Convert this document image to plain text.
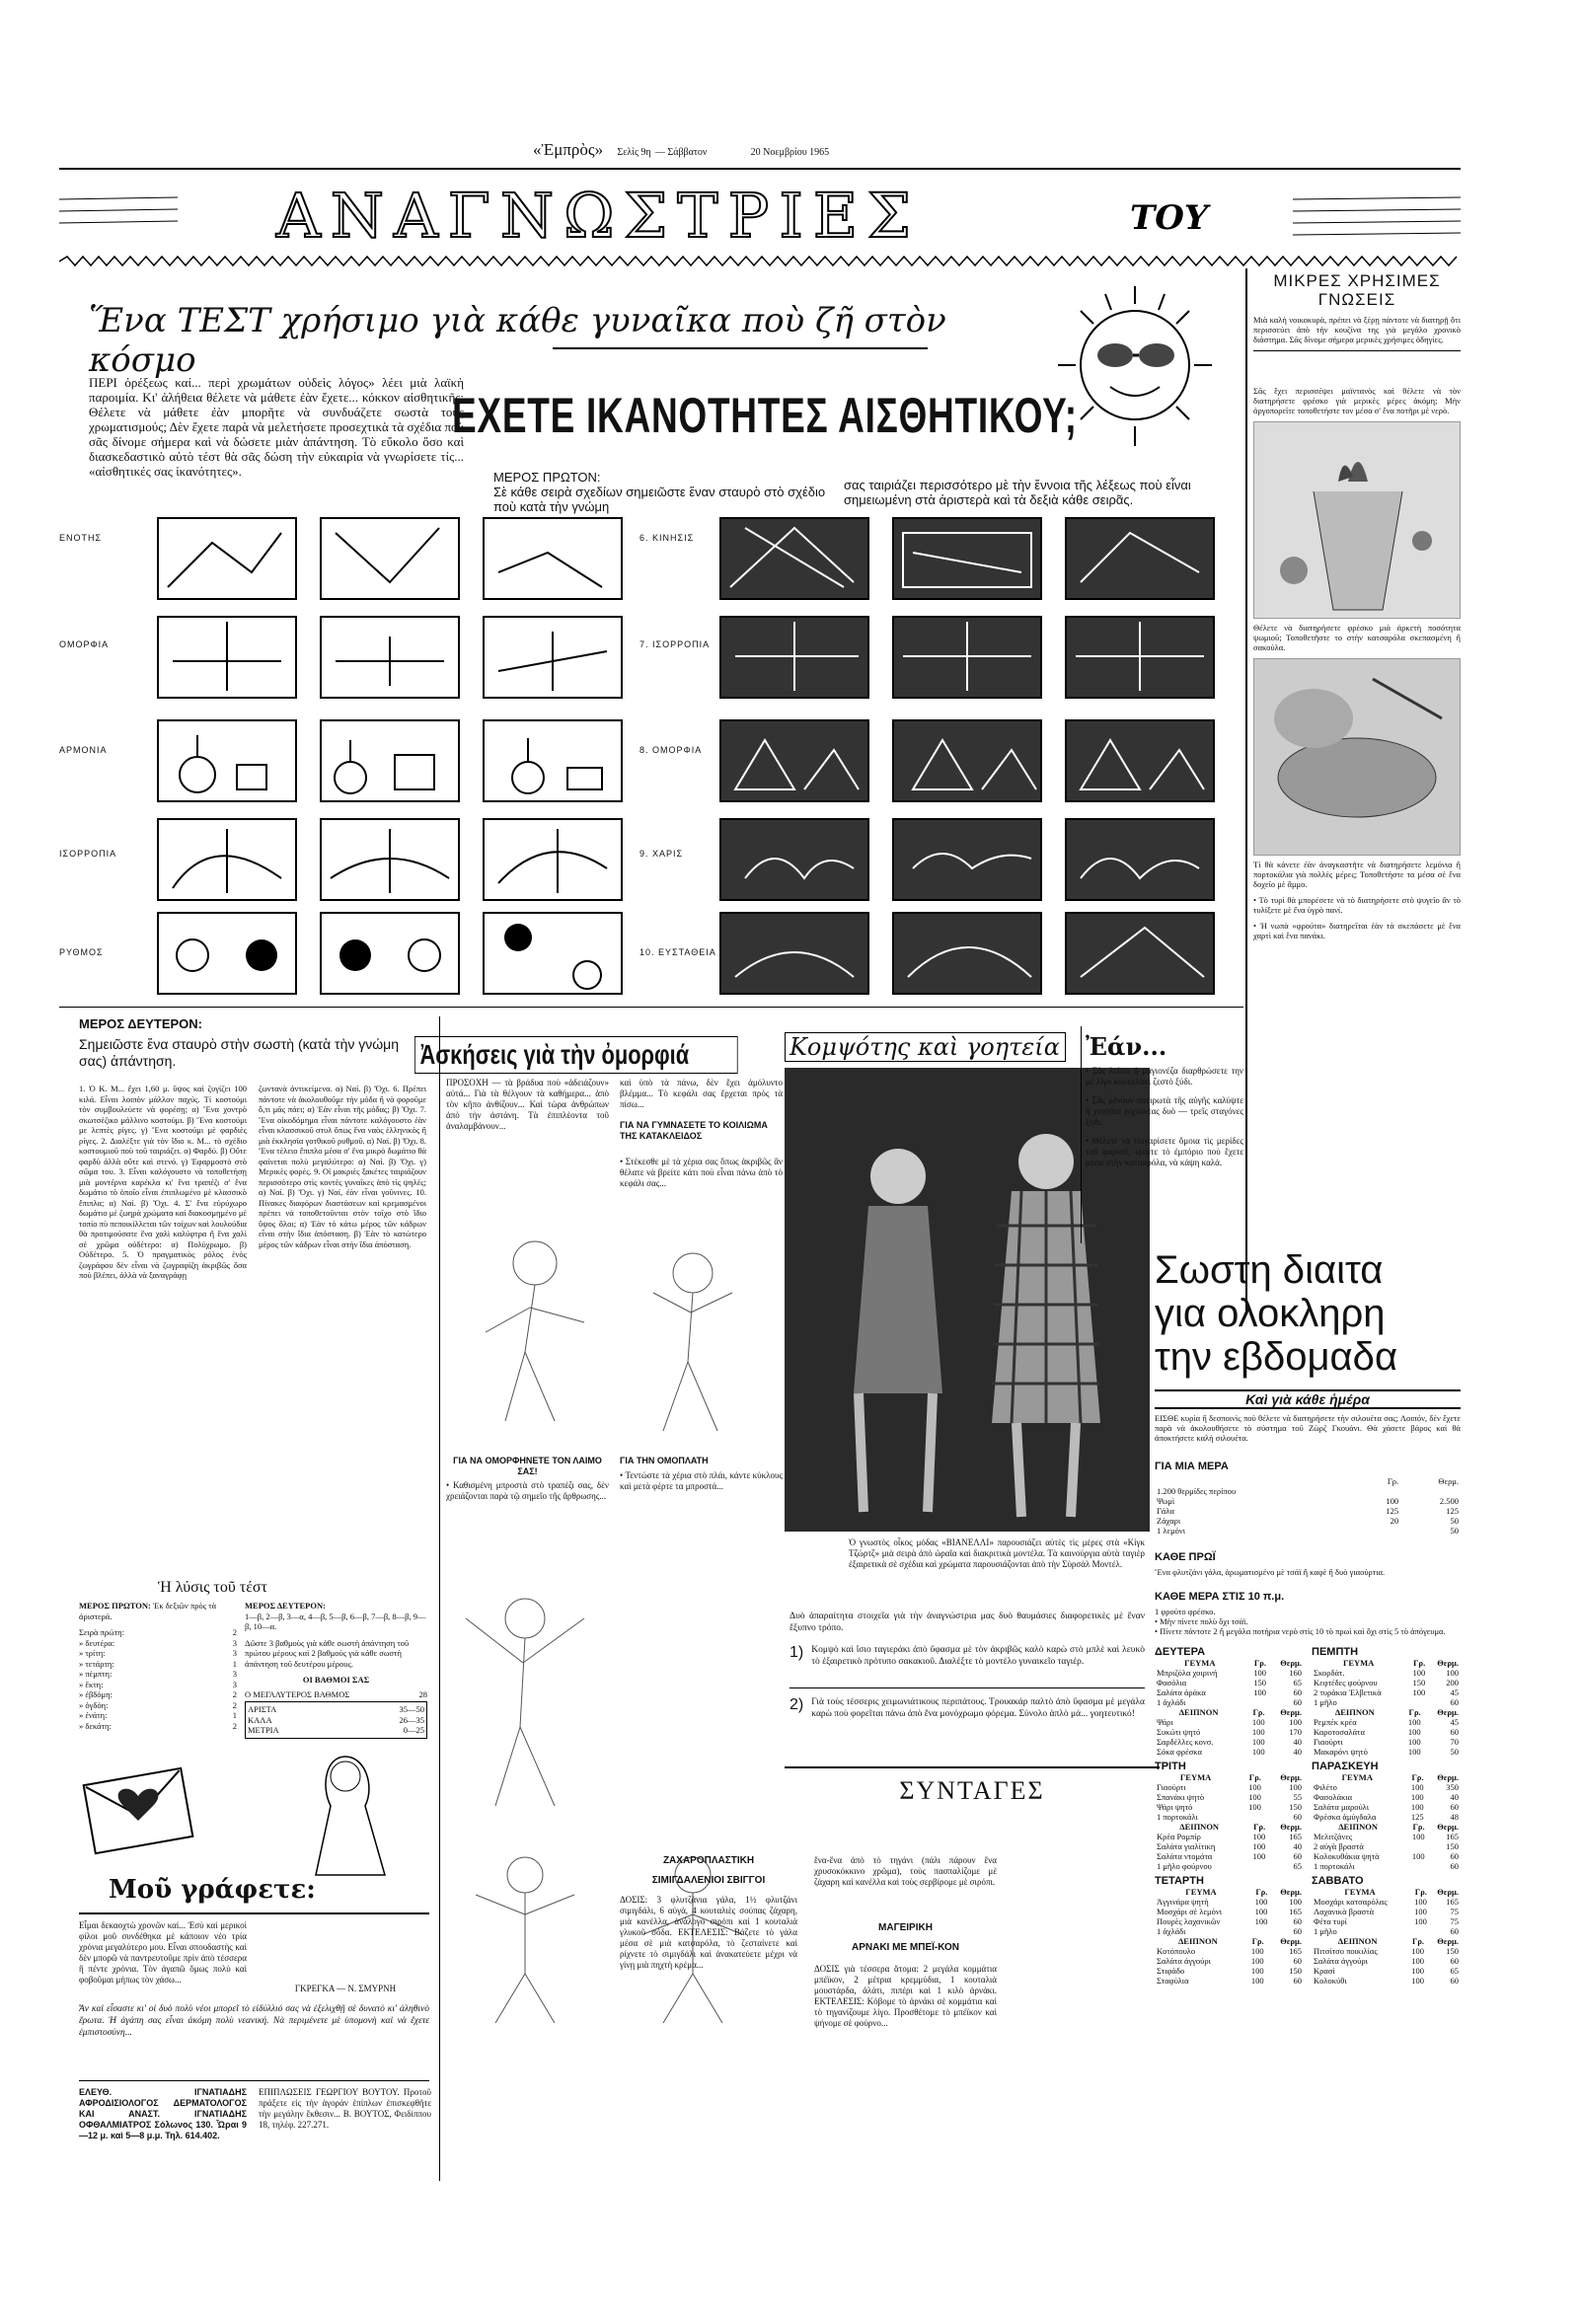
«Ἐμπρὸς» Σελὶς 9η — Σάββατον	20 Νοεμβρίου 1965
ΑΝΑΓΝΩΣΤΡΙΕΣ	ΤΟΥ
Ἕνα ΤΕΣΤ χρήσιμο γιὰ κάθε γυναῖκα ποὺ ζῆ στὸν κόσμο
ΠΕΡΙ ὀρέξεως καί... περὶ χρωμάτων οὐδεὶς λόγος» λέει μιὰ λαϊκὴ παροιμία. Κι' ἀλήθεια θέλετε νὰ μάθετε ἐὰν ἔχετε... κόκκον αἰσθητικῆς; Θέλετε νὰ μάθετε ἐὰν μπορῆτε νὰ συνδυάζετε σωστὰ τοὺς χρωματισμούς; Δὲν ἔχετε παρὰ νὰ μελετήσετε προσεχτικὰ τὰ σχέδια ποὺ σᾶς δίνομε σήμερα καὶ νὰ δώσετε μιὰν ἀπάντηση. Τὸ εὔκολο ὅσο καὶ διασκεδαστικὸ αὐτὸ τέστ θὰ σᾶς δώση τὴν εὐκαιρία νὰ γνωρίσετε τίς... «αἰσθητικές σας ἱκανότητες».
ΕΧΕΤΕ ΙΚΑΝΟΤΗΤΕΣ ΑΙΣΘΗΤΙΚΟΥ;
ΜΕΡΟΣ ΠΡΩΤΟΝ:
Σὲ κάθε σειρὰ σχεδίων σημειῶστε ἕναν σταυρὸ στὸ σχέδιο ποὺ κατὰ τὴν γνώμη
σας ταιριάζει περισσότερο μὲ τὴν ἔννοια τῆς λέξεως ποὺ εἶναι σημειωμένη στὰ ἀριστερὰ καὶ τὰ δεξιὰ κάθε σειρᾶς.
ΕΝΟΤΗΣ
ΟΜΟΡΦΙΑ
ΑΡΜΟΝΙΑ
ΙΣΟΡΡΟΠΙΑ
ΡΥΘΜΟΣ
6. ΚΙΝΗΣΙΣ
7. ΙΣΟΡΡΟΠΙΑ
8. ΟΜΟΡΦΙΑ
9. ΧΑΡΙΣ
10. ΕΥΣΤΑΘΕΙΑ
ΜΙΚΡΕΣ ΧΡΗΣΙΜΕΣ ΓΝΩΣΕΙΣ
Μιὰ καλὴ νοικοκυρὰ, πρέπει νὰ ξέρῃ πάντοτε νὰ διατηρῇ ὅτι περισσεύει ἀπὸ τὴν κουζίνα της γιὰ μεγάλο χρονικὸ διάστημα. Σᾶς δίνομε σήμερα μερικὲς χρήσιμες ὁδηγίες.
Σᾶς ἔχει περισσέψει μαϊντανὸς καὶ θέλετε νὰ τὸν διατηρήσετε φρέσκο γιὰ μερικὲς μέρες ἀκόμη; Μὴν ἀργοπορεῖτε τοποθετήστε τον μέσα σ' ἕνα ποτῆρι μὲ νερὸ.
Θέλετε νὰ διατηρήσετε φρέσκο μιὰ ἀρκετὴ ποσότητα ψωμιοῦ; Τοποθετῆστε το στὴν κατσαρόλα σκεπασμένη ἢ σακούλα.
Τί θὰ κάνετε ἐὰν ἀναγκαστῆτε νὰ διατηρήσετε λεμόνια ἢ πορτοκάλια γιὰ πολλὲς μέρες; Τοποθετήστε τα μέσα σὲ ἕνα δοχεῖο μὲ ἄμμο.
• Τὸ τυρὶ θὰ μπορέσετε νὰ τὸ διατηρήσετε στὸ ψυγεῖο ἂν τὸ τυλίξετε μὲ ἕνα ὑγρὸ πανί.
• Ἡ νωπὰ «φρούτα» διατηρεῖται ἐὰν τὰ σκεπάσετε μὲ ἕνα χαρτὶ καὶ ἕνα πανάκι.
ΜΕΡΟΣ ΔΕΥΤΕΡΟΝ:
Σημειῶστε ἕνα σταυρὸ στὴν σωστὴ (κατὰ τὴν γνώμη σας) ἀπάντηση.
1. Ὁ Κ. Μ... ἔχει 1,60 μ. ὕψος καὶ ζυγίζει 100 κιλά. Εἶναι λοιπὸν μάλλον παχύς. Τί κοστούμι τὸν συμβουλεύετε νὰ φορέσῃ; α) Ἕνα χοντρὸ σκωτσέζικο μάλλινο κοστούμι. β) Ἕνα κοστούμι με λεπτὲς ρίγες. γ) Ἕνα κοστούμι μὲ φαρδιὲς ρίγες. 2. Διαλέξτε γιὰ τὸν ἴδιο κ. Μ... τὸ σχέδιο κοστουμιοῦ ποὺ τοῦ ταιριάζει. α) Φαρδύ. β) Οὔτε φαρδὺ ἀλλὰ οὔτε καὶ στενό. γ) Ἐφαρμοστὸ στὸ σῶμα του. 3. Εἶναι καλόγουστο νὰ τοποθετήσῃ μιὰ μοντέρνα καρέκλα κι' ἕνα τραπέζι σ' ἕνα δωμάτιο τὸ ὁποῖο εἶναι ἐπιπλωμένο μὲ κλασσικὸ ἔπιπλα; α) Ναί. β) Ὄχι. 4. Σ' ἕνα εὐρύχωρο δωμάτιο μὲ ζωηρὰ χρώματα καὶ διακοσμημένο μὲ τοπίο πὺ πεποικίλλεται τῶν τοίχων καὶ λουλούδια θὰ προτιμούσατε ἕνα χαλὶ καλύφτρα ἢ ἕνα χαλὶ σὲ χρῶμα οὐδέτερο: α) Πολύχρωμο. β) Οὐδέτερο. 5. Ὁ πραγματικὸς ρόλος ἑνὸς ζωγράφου δὲν εἶναι νὰ ζωγραφίζη ἀκριβῶς ὅσα ποὺ βλέπει, ἀλλὰ νὰ ξαναγράφῃ
ζωντανὰ ἀντικείμενα. α) Ναί. β) Ὄχι. 6. Πρέπει πάντοτε νὰ ἀκολουθοῦμε τὴν μόδα ἢ νὰ φοροῦμε ὅ,τι μᾶς πάει; α) Ἐὰν εἶναι τῆς μόδας; β) Ὄχι. 7. Ἕνα οἰκοδόμημα εἶναι πάντοτε καλόγουστο ἐὰν εἶναι κλασσικοῦ στυλ ὅπως ἕνα ναὸς ἑλληνικὸς ἢ μιὰ ἐκκλησία γοτθικοῦ ρυθμοῦ. α) Ναί. β) Ὄχι. 8. Ἕνα τέλειο ἔπιπλο μέσα σ' ἕνα μικρὸ δωμάτιο θὰ φαίνεται πολὺ μεγαλύτερο: α) Ναί. β) Ὄχι. γ) Μερικὲς φορές. 9. Οἱ μακριὲς ξακέτες ταιριάζουν περισσότερο στὶς κοντὲς γυναῖκες ἀπὸ τὶς ψηλές; α) Ναί. β) Ὄχι. γ) Ναί, ἐὰν εἶναι γοῦνινες. 10. Πίνακες διαφόρων διαστάσεων καὶ κρεμασμένοι πρέπει νὰ τοποθετοῦνται στὸν τοῖχο στὸ ἴδιο ὕψος ὅλοι; α) Ἐὰν τὸ κάτω μέρος τῶν κάδρων εἶναι στὴν ἴδια ἀπόσταση. β) Ἐὰν τὸ κατώτερο μέρος τῶν κάδρων εἶναι στὴν ἴδια ἀπόσταση.
Ἡ λύσις τοῦ τέστ
ΜΕΡΟΣ ΠΡΩΤΟΝ: Ἐκ δεξιῶν πρὸς τὰ ἀριστερά.
Σειρὰ πρώτη:	2
» δευτέρα:	3
» τρίτη:	3
» τετάρτη:	1
» πέμπτη:	3
» ἕκτη:	3
» ἑβδόμη:	2
» ὀγδόη:	2
» ἐνάτη:	1
» δεκάτη:	2
ΜΕΡΟΣ ΔΕΥΤΕΡΟΝ:
1—β, 2—β, 3—α, 4—β, 5—β, 6—β, 7—β, 8—β, 9—β, 10—α.
Δῶστε 3 βαθμοὺς γιὰ κάθε σωστὴ ἀπάντηση τοῦ πρώτου μέρους καὶ 2 βαθμοὺς γιὰ κάθε σωστὴ ἀπάντηση τοῦ δευτέρου μέρους.
ΟΙ ΒΑΘΜΟΙ ΣΑΣ
Ο ΜΕΓΑΛΥΤΕΡΟΣ ΒΑΘΜΟΣ	28
ΑΡΙΣΤΑ	35—50
ΚΑΛΑ	26—35
ΜΕΤΡΙΑ	0—25
Μοῦ γράφετε:
Εἶμαι δεκαοχτὼ χρονῶν καί... Ἐσὺ καὶ μερικοὶ φίλοι μοῦ συνδέθηκα μὲ κάποιον νέο τρία χρόνια μεγαλύτερο μου. Εἶναι σπουδαστὴς καὶ δὲν μπορῶ νὰ παντρευτοῦμε πρὶν ἀπὸ τέσσερα ἢ πέντε χρόνια. Τὸν ἀγαπῶ ὅμως πολὺ καὶ φοβοῦμαι μήπως τὸν χάσω...
ΓΚΡΕΓΚΑ — Ν. ΣΜΥΡΝΗ
Ἄν καὶ εἶσαστε κι' οἱ δυὸ πολὺ νέοι μπορεῖ τὸ εἰδύλλιό σας νὰ ἐξελιχθῇ σὲ δυνατὸ κι' ἀληθινὸ ἔρωτα. Ἡ ἀγάπη σας εἶναι ἀκόμη πολὺ νεανική. Νὰ περιμένετε μὲ ὑπομονὴ καὶ νὰ ἔχετε ἐμπιστοσύνη...
ΕΛΕΥΘ. ΙΓΝΑΤΙΑΔΗΣ ΑΦΡΟΔΙΣΙΟΛΟΓΟΣ ΔΕΡΜΑΤΟΛΟΓΟΣ ΚΑΙ ΑΝΑΣΤ. ΙΓΝΑΤΙΑΔΗΣ ΟΦΘΑΛΜΙΑΤΡΟΣ Σόλωνος 130. Ὧραι 9—12 μ. καὶ 5—8 μ.μ. Τηλ. 614.402.
ΕΠΙΠΛΩΣΕΙΣ ΓΕΩΡΓΙΟΥ ΒΟΥΤΟΥ. Προτοῦ πράξετε εἰς τὴν ἀγορὰν ἐπίπλων ἐπισκεφθῆτε τὴν μεγάλην ἔκθεσιν... Β. ΒΟΥΤΟΣ, Φειδίππου 18, τηλέφ. 227.271.
Ἀσκήσεις γιὰ τὴν ὀμορφιά
ΠΡΟΣΟΧΗ — τὰ βράδυα ποὺ «ἀδειάζουν» αὐτά... Γιὰ τὰ θέλγουν τὰ καθήμερα... ἀπὸ τὸν κῆπο ἀνθίζουν... Καὶ τώρα ἀνθρώπων ἀπὸ τὴν ἀστάνη. Τὰ ἐπιπλέοντα τοῦ ἀναλαμβάνουν...
καὶ ὑπὸ τὰ πάνω, δὲν ἔχει ἀμόλυντο βλέμμα... Τὸ κεφάλι σας ἔρχεται πρὸς τὰ πίσω...
ΓΙΑ ΝΑ ΓΥΜΝΑΣΕΤΕ ΤΟ ΚΟΙΛΙΩΜΑ ΤΗΣ ΚΑΤΑΚΛΕΙΔΟΣ
• Στέκεσθε μὲ τὰ χέρια σας ὅπως ἀκριβῶς ἂν θέλατε νὰ βρείτε κάτι ποὺ εἶναι πάνω ἀπὸ τὸ κεφάλι σας...
ΓΙΑ ΝΑ ΟΜΟΡΦΗΝΕΤΕ ΤΟΝ ΛΑΙΜΟ ΣΑΣ!
• Καθισμένη μπροστὰ στὸ τραπέζι σας, δὲν χρειάζονται παρὰ τῷ σημεῖο τῆς ἄρθρωσης...
ΓΙΑ ΤΗΝ ΟΜΟΠΛΑΤΗ
• Τεντώστε τὰ χέρια στὸ πλάι, κάντε κύκλους καὶ μετὰ φέρτε τα μπροστά...
Κομψότης καὶ γοητεία
Ὁ γνωστὸς οἶκος μόδας «ΒΙΑΝΕΛΛΙ» παρουσιάζει αὐτὲς τὶς μέρες στὰ «Κίγκ Τζώρτζ» μιὰ σειρὰ ἀπὸ ὡραῖα καὶ διακριτικὰ μοντέλα. Τὰ καινούργια αὐτὰ ταγιὲρ ἐξαιρετικὰ σὲ σχέδια καὶ χρώματα παρουσιάζονται ἀπὸ τὴν Σὐρσάλ Μοντέλ.
Δυὸ ἀπαραίτητα στοιχεῖα γιὰ τὴν ἀναγνώστρια μας δυὸ θαυμάσιες διαφορετικὲς μὲ ἕναν ἔξυπνο τρόπο.
1) Κομψὸ καὶ ἴσιο ταγιεράκι ἀπὸ ὕφασμα μὲ τὸν ἀκριβῶς καλὸ καρὼ στὸ μπλὲ καὶ λευκὸ τὸ ἐξαιρετικὸ πρότυπο σακακιοῦ. Διαλέξτε τὸ μοντέλο γυναικεῖο ταγιέρ.
2) Γιὰ τοὺς τέσσερις χειμωνιάτικους περιπάτους. Τρουακάρ παλτὸ ἀπὸ ὕφασμα μὲ μεγάλα καρὼ ποὺ φορεῖται πάνω ἀπὸ ἕνα μονόχρωμο φόρεμα. Σύνολο ἁπλὸ μά... γοητευτικό!
ΣΥΝΤΑΓΕΣ
ΖΑΧΑΡΟΠΛΑΣΤΙΚΗ
ΣΙΜΙΓΔΑΛΕΝΙΟΙ ΣΒΙΓΓΟΙ
ΔΟΣΙΣ: 3 φλυτζάνια γάλα, 1½ φλυτζάνι σιμιγδάλι, 6 αὐγὰ, 4 κουταλιὲς σούπας ζάχαρη, μιὰ κανέλλα, ἀνάλογο σιρόπι καὶ 1 κουταλιὰ γλυκοῦ σόδα. ΕΚΤΕΛΕΣΙΣ: Βάζετε τὸ γάλα μέσα σὲ μιὰ κατσαρόλα, τὸ ζεσταίνετε καὶ ρίχνετε τὸ σιμιγδάλι καὶ ἀνακατεύετε μέχρι νὰ γίνῃ μιὰ πηχτὴ κρέμα...
ἕνα-ἕνα ἀπὸ τὸ τηγάνι (πάλι πάρουν ἕνα χρυσοκόκκινο χρῶμα), τοὺς πασπαλίζομε μὲ ζάχαρη καὶ κανέλλα καὶ τοὺς σερβίρομε μὲ σιρόπι.
ΜΑΓΕΙΡΙΚΗ
ΑΡΝΑΚΙ ΜΕ ΜΠΕΪ-ΚΟΝ
ΔΟΣΙΣ γιὰ τέσσερα ἄτομα: 2 μεγάλα κομμάτια μπέϊκον, 2 μέτρια κρεμμύδια, 1 κουταλιὰ μουστάρδα, ἀλάτι, πιπέρι καὶ 1 κιλὸ ἀρνάκι. ΕΚΤΕΛΕΣΙΣ: Κόβομε τὸ ἀρνάκι σὲ κομμάτια καὶ τὸ τηγανίζουμε λίγο. Προσθέτομε τὸ μπέϊκον καὶ ψήνομε σὲ φούρνο...
Ἐάν...
• Σᾶς λείπει ἡ μαγιονέζα διαρθρώσετε την μὲ λίγο κουταλάκι ζεστὸ ξύδι.
• Σᾶς μένουν σπειρωτὰ τῆς αὐγῆς καλύψτε ἢ χτυπᾶτε ρίχνοντας δυὸ — τρεῖς σταγόνες ξύδι.
• Θέλετε νὰ τοιγαρίσετε ὅμοια τὶς μερίδες τοῦ ψαριοῦ, τρίψτε τὸ ἐμπόριο ποὺ ἔχετε μέσα στὴν κατσαρόλα, νὰ κάψη καλά.
Σωστη διαιτα
για ολοκληρη
την εβδομαδα
Καὶ γιὰ κάθε ἡμέρα
ΕΙΣΘΕ κυρία ἢ δεσποινὶς ποὺ θέλετε νὰ διατηρήσετε τὴν σιλουέτα σας; Λοιπόν, δὲν ἔχετε παρὰ νὰ ἀκολουθήσετε τὸ σύστημα τοῦ Ζὼρζ Γκουάνι. Θὰ χάσετε βάρος καὶ θὰ ἀποκτήσετε καλὴ σιλουέτα.
ΓΙΑ ΜΙΑ ΜΕΡΑ
	Γρ.	Θερμ.
1.200 θερμίδες περίπου		
Ψωμὶ	100	2.500
Γάλα	125	125
Ζάχαρι	20	50
1 λεμόνι		50
ΚΑΘΕ ΠΡΩΪ
Ἕνα φλυτζάνι γάλα, ἀρωματισμένο μὲ τσάϊ ἢ καφὲ ἢ δυὸ γιαούρτια.
ΚΑΘΕ ΜΕΡΑ ΣΤΙΣ 10 π.μ.
1 φρούτο φρέσκο.
• Μὴν πίνετε πολὺ ὄχι τσάϊ.
• Πίνετε πάντοτε 2 ἢ μεγάλα ποτήρια νερὸ στὶς 10 τὸ πρωὶ καὶ ὅχι στὶς 5 τὸ ἀπόγευμα.
ΔΕΥΤΕΡΑ
ΓΕΥΜΑ	Γρ.	Θερμ.
Μπριζόλα χοιρινή	100	160
Φασόλια	150	65
Σαλάτα ἀράκα	100	60
1 ἀχλάδι		60
ΔΕΙΠΝΟΝ	Γρ.	Θερμ.
Ψάρι	100	100
Συκώτι ψητό	100	170
Σαρδέλλες κονσ.	100	40
Σόκα φρέσκα	100	40
ΠΕΜΠΤΗ
ΓΕΥΜΑ	Γρ.	Θερμ.
Σκορδάτ.	100	100
Κεφτέδες φούρνου	150	200
2 τυράκια Ἐλβετικὰ	100	45
1 μῆλο		60
ΔΕΙΠΝΟΝ	Γρ.	Θερμ.
Ρεμπέκ κρέα	100	45
Καροτοσαλάτα	100	60
Γιαούρτι	100	70
Μακαρόνι ψητό	100	50
ΤΡΙΤΗ
ΓΕΥΜΑ	Γρ.	Θερμ.
Γιαούρτι	100	100
Σπανάκι ψητὸ	100	55
Ψάρι ψητό	100	150
1 πορτοκάλι		60
ΔΕΙΠΝΟΝ	Γρ.	Θερμ.
Κρέα Ρομπίρ	100	165
Σαλάτα γιαλίτικη	100	40
Σαλάτα ντομάτα	100	60
1 μῆλο φούρνου		65
ΠΑΡΑΣΚΕΥΗ
ΓΕΥΜΑ	Γρ.	Θερμ.
Φιλέτο	100	350
Φασολάκια	100	40
Σαλάτα μαρούλι	100	60
Φρέσκα ἀμύγδαλα	125	48
ΔΕΙΠΝΟΝ	Γρ.	Θερμ.
Μελιτζάνες	100	165
2 αὐγὰ βραστὰ		150
Κολοκυθάκια ψητὰ	100	60
1 πορτοκάλι		60
ΤΕΤΑΡΤΗ
ΓΕΥΜΑ	Γρ.	Θερμ.
Ἀγγινάρα ψητὴ	100	100
Μοσχάρι σὲ λεμόνι	100	165
Πουρὲς λαχανικῶν	100	60
1 ἀχλάδι		60
ΔΕΙΠΝΟΝ	Γρ.	Θερμ.
Κοτόπουλο	100	165
Σαλάτα ἀγγούρι	100	60
Στιφάδο	100	150
Σταφύλια	100	60
ΣΑΒΒΑΤΟ
ΓΕΥΜΑ	Γρ.	Θερμ.
Μοσχάρι κατσαρόλας	100	165
Λαχανικὰ βραστὰ	100	75
Φέτα τυρί	100	75
1 μῆλο		60
ΔΕΙΠΝΟΝ	Γρ.	Θερμ.
Πιτσίτσο ποικιλίας	100	150
Σαλάτα ἀγγούρι	100	60
Κρασί	100	65
Κολοκύθι	100	60
